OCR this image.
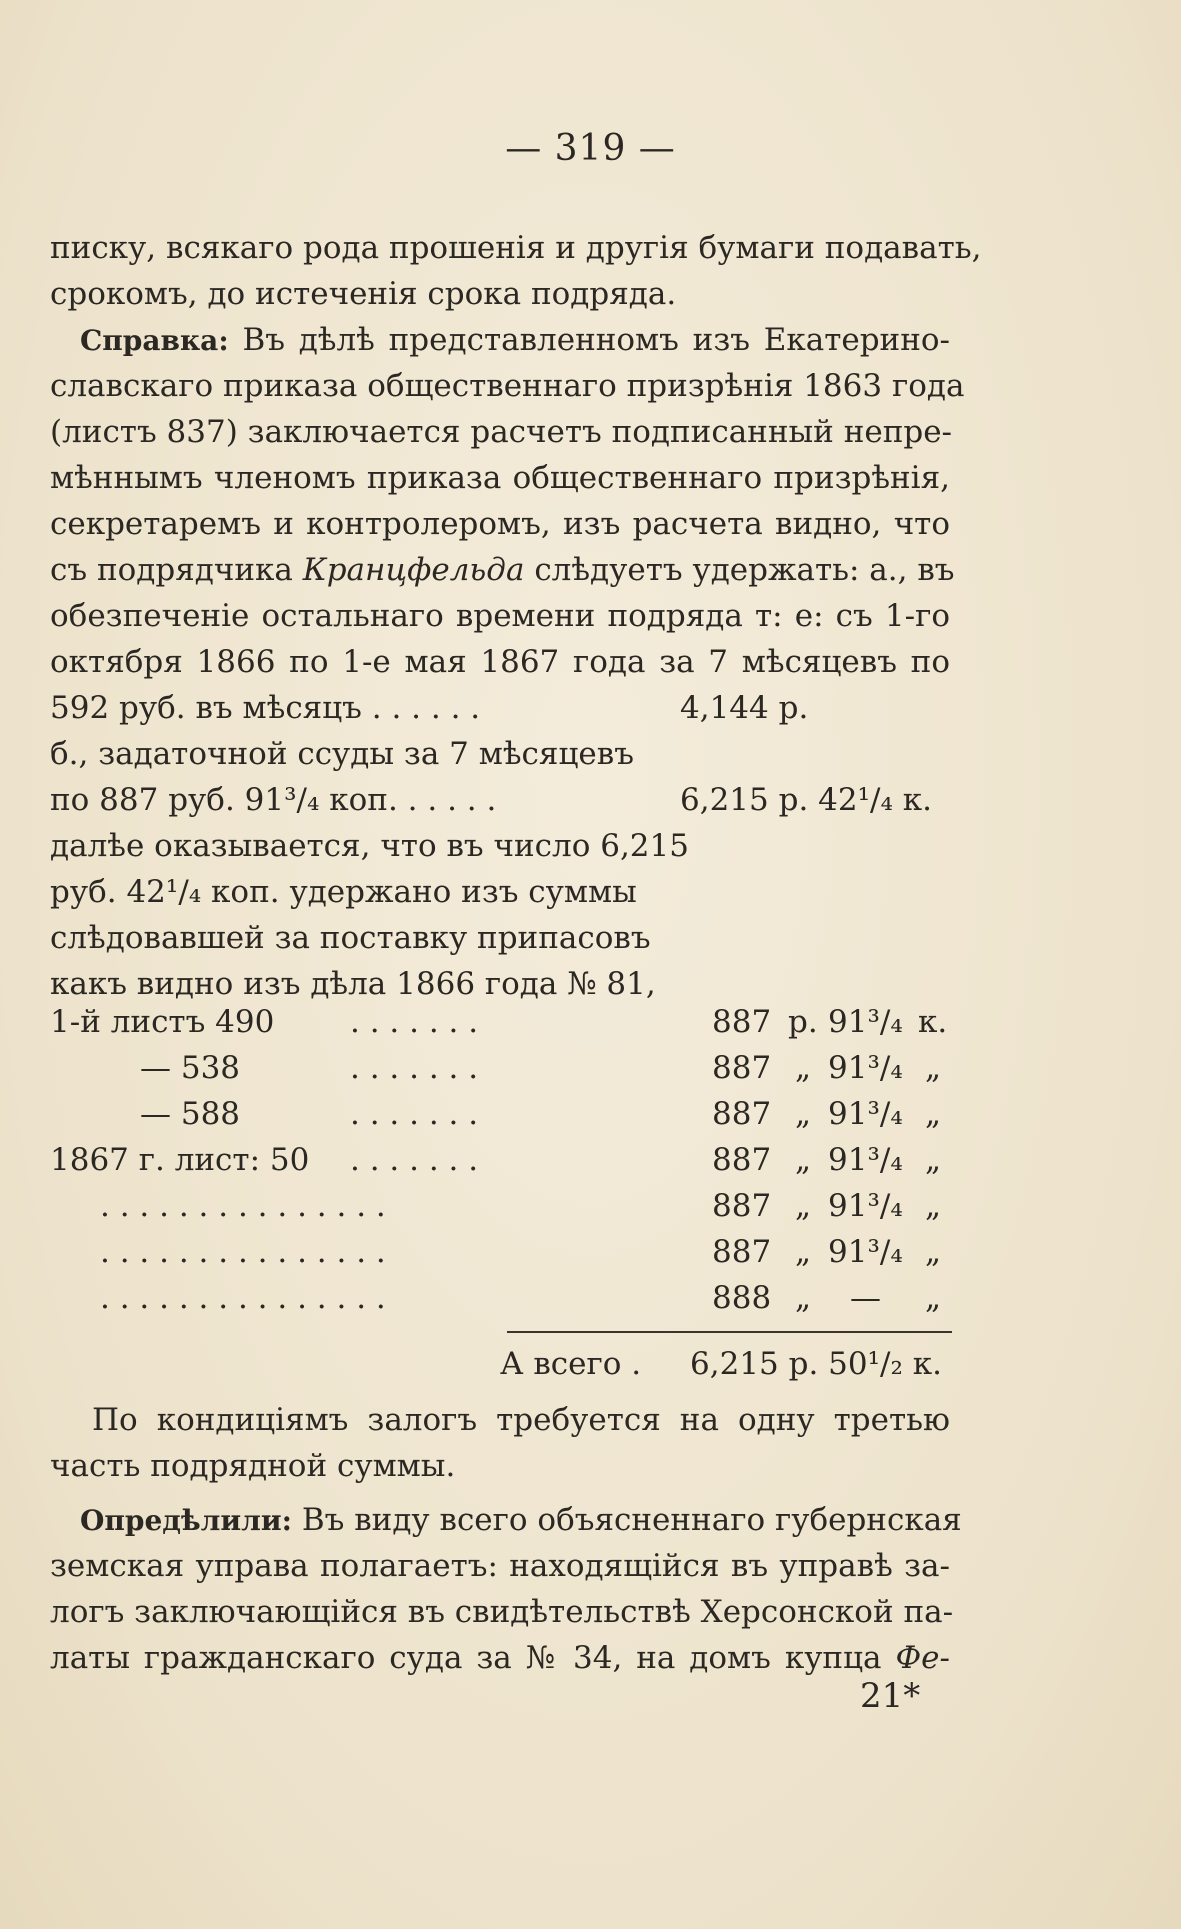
— 319 —
писку, всякаго рода прошенія и другія бумаги подавать,
срокомъ, до истеченія срока подряда.
Справка: Въ дѣлѣ представленномъ изъ Екатерино-
славскаго приказа общественнаго призрѣнія 1863 года
(листъ 837) заключается расчетъ подписанный непре-
мѣннымъ членомъ приказа общественнаго призрѣнія,
секретаремъ и контролеромъ, изъ расчета видно, что
съ подрядчика Кранцфельда слѣдуетъ удержать: а., въ
обезпеченіе остальнаго времени подряда т: е: съ 1-го
октября 1866 по 1-е мая 1867 года за 7 мѣсяцевъ по
592 руб. въ мѣсяцъ . . . . . .	4,144 р.
б., задаточной ссуды за 7 мѣсяцевъ
по 887 руб. 91³/₄ коп. . . . . .	6,215 р. 42¹/₄ к.
далѣе оказывается, что въ число 6,215
руб. 42¹/₄ коп. удержано изъ суммы
слѣдовавшей за поставку припасовъ
какъ видно изъ дѣла 1866 года № 81,
1-й листъ 490 . . . . . . .	887 р. 91³/₄ к.
— 538	. . . . . . .	887 „ 91³/₄ „
— 588	. . . . . . .	887 „ 91³/₄ „
1867 г. лист: 50 . . . . . . .	887 „ 91³/₄ „
. . . . . . . . . . . . . . .	887 „ 91³/₄ „
. . . . . . . . . . . . . . .	887 „ 91³/₄ „
. . . . . . . . . . . . . . .	888 „ — „
А всего . 6,215 р. 50¹/₂ к.
По кондиціямъ залогъ требуется на одну третью
часть подрядной суммы.
Опредѣлили: Въ виду всего объясненнаго губернская
земская управа полагаетъ: находящійся въ управѣ за-
логъ заключающійся въ свидѣтельствѣ Херсонской па-
латы гражданскаго суда за № 34, на домъ купца Фе-
21*
